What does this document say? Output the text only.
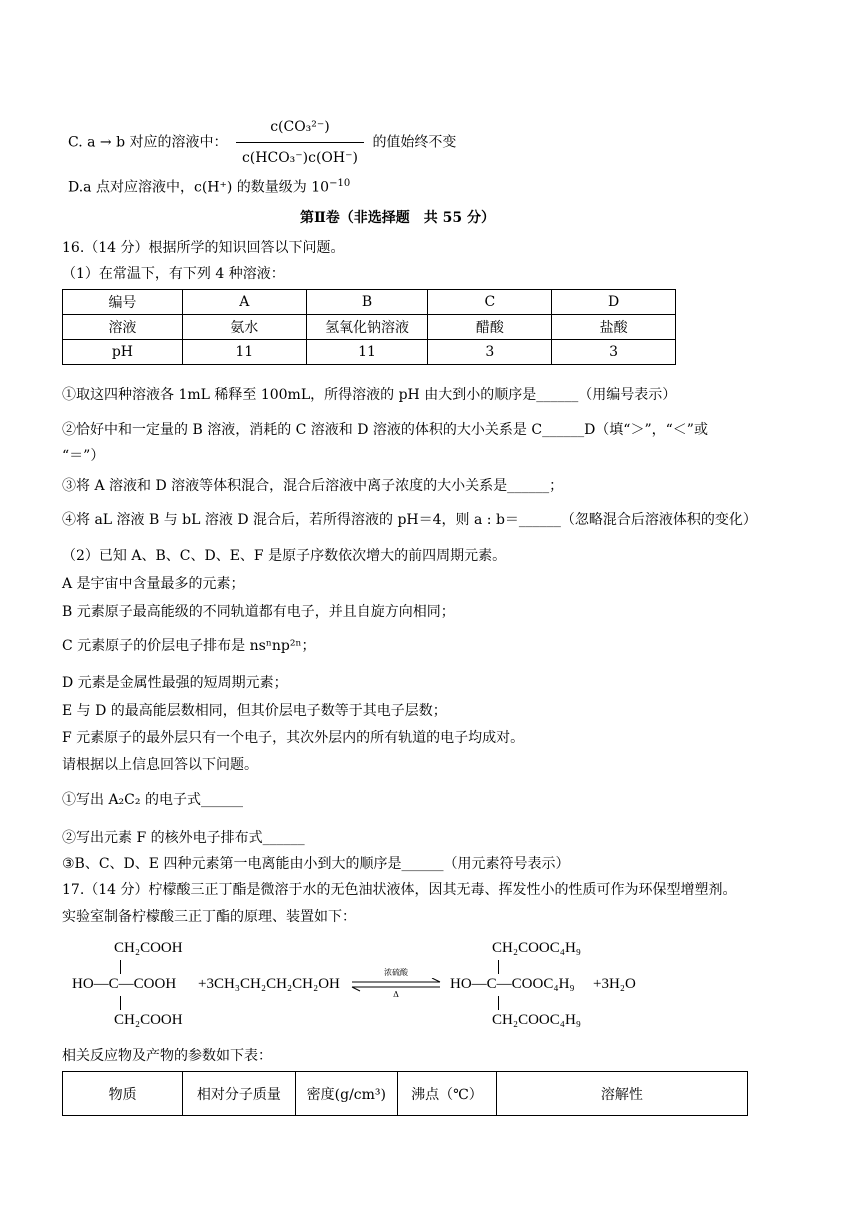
C. a → b 对应的溶液中： $\frac{\text{c(CO₃²⁻)}}{\text{c(HCO₃⁻)c(OH⁻)}}$ 的值始终不变
D.a 点对应溶液中，c(H⁺) 的数量级为 $10^{-10}$
第Ⅱ卷（非选择题　共 55 分）
16.（14 分）根据所学的知识回答以下问题。
（1）在常温下，有下列 4 种溶液：
编号	A	B	C	D
溶液	氨水	氢氧化钠溶液	醋酸	盐酸
pH	11	11	3	3
①取这四种溶液各 1mL 稀释至 100mL，所得溶液的 pH 由大到小的顺序是______（用编号表示）
②恰好中和一定量的 B 溶液，消耗的 C 溶液和 D 溶液的体积的大小关系是 C______D（填“＞”，“＜”或
“＝”）
③将 A 溶液和 D 溶液等体积混合，混合后溶液中离子浓度的大小关系是______；
④将 aL 溶液 B 与 bL 溶液 D 混合后，若所得溶液的 pH＝4，则 a : b＝______（忽略混合后溶液体积的变化）
（2）已知 A、B、C、D、E、F 是原子序数依次增大的前四周期元素。
A 是宇宙中含量最多的元素；
B 元素原子最高能级的不同轨道都有电子，并且自旋方向相同；
C 元素原子的价层电子排布是 nsⁿnp²ⁿ；
D 元素是金属性最强的短周期元素；
E 与 D 的最高能层数相同，但其价层电子数等于其电子层数；
F 元素原子的最外层只有一个电子，其次外层内的所有轨道的电子均成对。
请根据以上信息回答以下问题。
①写出 A₂C₂ 的电子式______
②写出元素 F 的核外电子排布式______
③B、C、D、E 四种元素第一电离能由小到大的顺序是______（用元素符号表示）
17.（14 分）柠檬酸三正丁酯是微溶于水的无色油状液体，因其无毒、挥发性小的性质可作为环保型增塑剂。
实验室制备柠檬酸三正丁酯的原理、装置如下：
CH₂COOH
HO—C—COOH
CH₂COOH
+3CH₃CH₂CH₂CH₂OH
浓硫酸
Δ
CH₂COOC₄H₉
HO—C—COOC₄H₉
CH₂COOC₄H₉
+3H₂O
相关反应物及产物的参数如下表：
物质	相对分子质量	密度(g/cm³)	沸点（℃）	溶解性
